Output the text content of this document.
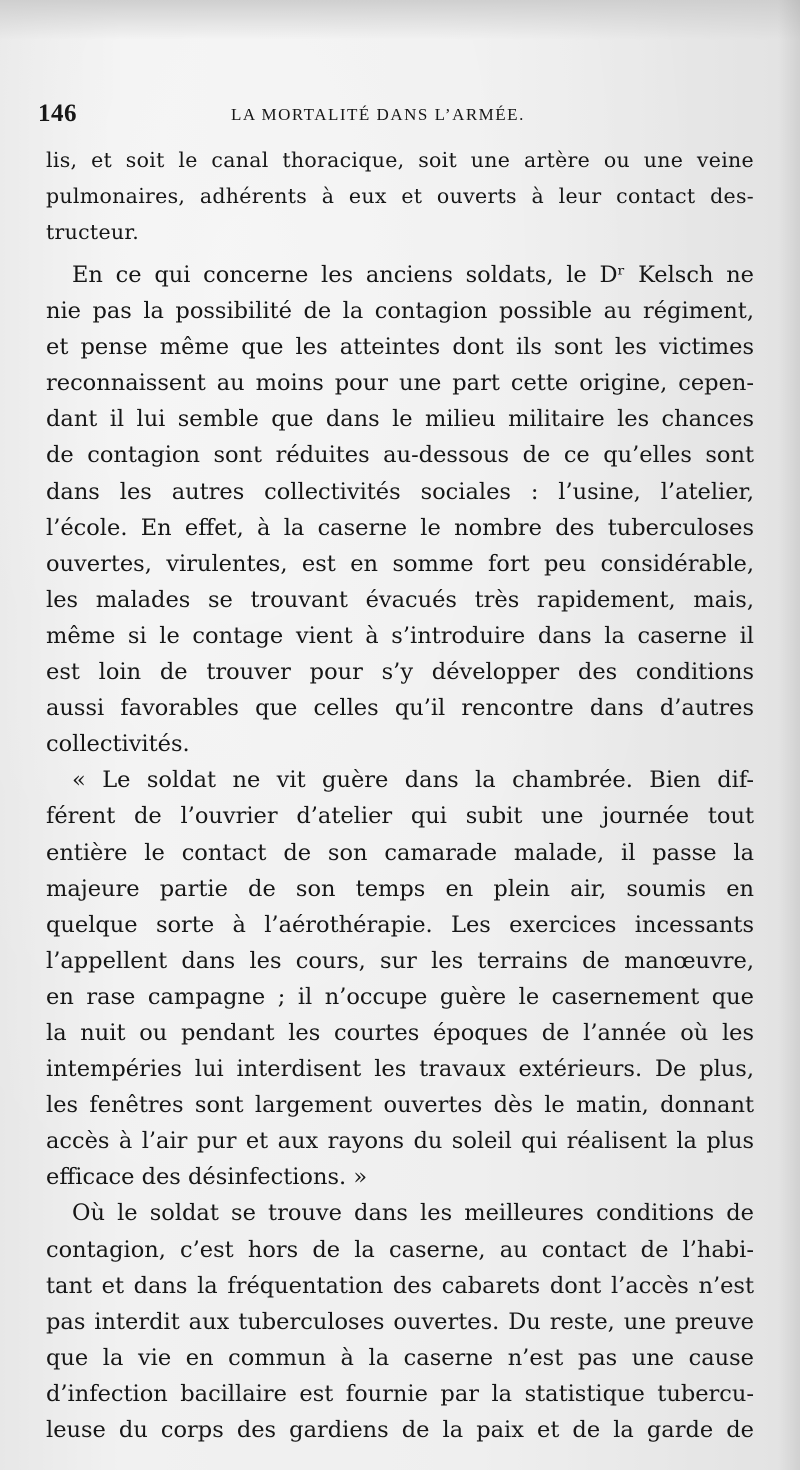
146	LA MORTALITÉ DANS L’ARMÉE.
lis, et soit le canal thoracique, soit une artère ou une veine
pulmonaires, adhérents à eux et ouverts à leur contact des-
tructeur.
En ce qui concerne les anciens soldats, le Dʳ Kelsch ne
nie pas la possibilité de la contagion possible au régiment,
et pense même que les atteintes dont ils sont les victimes
reconnaissent au moins pour une part cette origine, cepen-
dant il lui semble que dans le milieu militaire les chances
de contagion sont réduites au-dessous de ce qu’elles sont
dans les autres collectivités sociales : l’usine, l’atelier,
l’école. En effet, à la caserne le nombre des tuberculoses
ouvertes, virulentes, est en somme fort peu considérable,
les malades se trouvant évacués très rapidement, mais,
même si le contage vient à s’introduire dans la caserne il
est loin de trouver pour s’y développer des conditions
aussi favorables que celles qu’il rencontre dans d’autres
collectivités.
« Le soldat ne vit guère dans la chambrée. Bien dif-
férent de l’ouvrier d’atelier qui subit une journée tout
entière le contact de son camarade malade, il passe la
majeure partie de son temps en plein air, soumis en
quelque sorte à l’aérothérapie. Les exercices incessants
l’appellent dans les cours, sur les terrains de manœuvre,
en rase campagne ; il n’occupe guère le casernement que
la nuit ou pendant les courtes époques de l’année où les
intempéries lui interdisent les travaux extérieurs. De plus,
les fenêtres sont largement ouvertes dès le matin, donnant
accès à l’air pur et aux rayons du soleil qui réalisent la plus
efficace des désinfections. »
Où le soldat se trouve dans les meilleures conditions de
contagion, c’est hors de la caserne, au contact de l’habi-
tant et dans la fréquentation des cabarets dont l’accès n’est
pas interdit aux tuberculoses ouvertes. Du reste, une preuve
que la vie en commun à la caserne n’est pas une cause
d’infection bacillaire est fournie par la statistique tubercu-
leuse du corps des gardiens de la paix et de la garde de
